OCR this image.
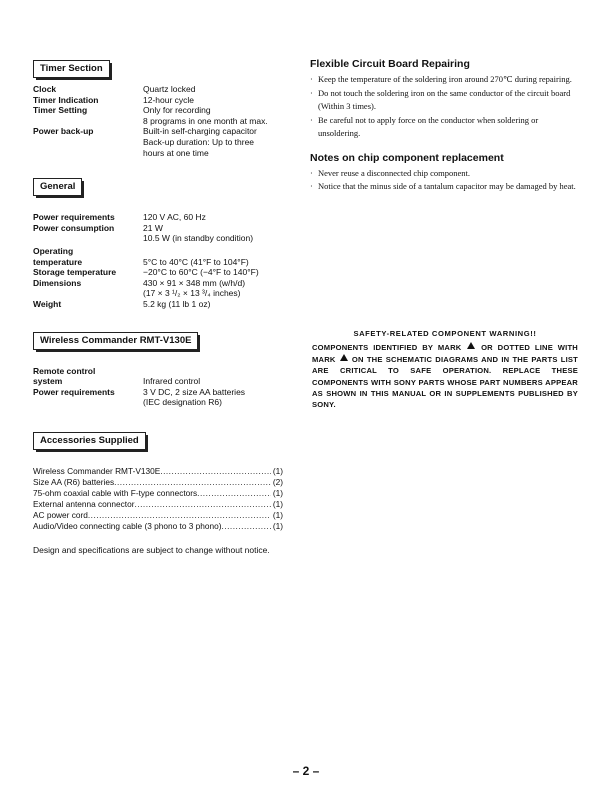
Timer Section
Clock	Quartz locked
Timer Indication	12-hour cycle
Timer Setting	Only for recording
8 programs in one month at max.
Power back-up	Built-in self-charging capacitor
Back-up duration: Up to three
hours at one time
General
Power requirements	120 V AC, 60 Hz
Power consumption	21 W
10.5 W (in standby condition)
Operating
temperature	5°C to 40°C (41°F to 104°F)
Storage temperature	−20°C to 60°C (−4°F to 140°F)
Dimensions	430 × 91 × 348 mm (w/h/d)
(17 × 3 ¹/₂ × 13 ³/₄ inches)
Weight	5.2 kg (11 lb 1 oz)
Wireless Commander RMT-V130E
Remote control
system	Infrared control
Power requirements	3 V DC, 2 size AA batteries
(IEC designation R6)
Accessories Supplied
Wireless Commander RMT-V130E .....	(1)
Size AA (R6) batteries .....	(2)
75-ohm coaxial cable with F-type connectors .....	(1)
External antenna connector .....	(1)
AC power cord .....	(1)
Audio/Video connecting cable (3 phono to 3 phono) .....	(1)
Design and specifications are subject to change without notice.
Flexible Circuit Board Repairing
· Keep the temperature of the soldering iron around 270℃ during repairing.
· Do not touch the soldering iron on the same conductor of the circuit board (Within 3 times).
· Be careful not to apply force on the conductor when soldering or unsoldering.
Notes on chip component replacement
· Never reuse a disconnected chip component.
· Notice that the minus side of a tantalum capacitor may be damaged by heat.
SAFETY-RELATED COMPONENT WARNING!!
COMPONENTS IDENTIFIED BY MARK	OR DOTTED LINE WITH MARK ON THE SCHEMATIC DIAGRAMS AND IN THE PARTS LIST ARE CRITICAL TO SAFE OPERATION. REPLACE THESE COMPONENTS WITH SONY PARTS WHOSE PART NUMBERS APPEAR AS SHOWN IN THIS MANUAL OR IN SUPPLEMENTS PUBLISHED BY SONY.
– 2 –
